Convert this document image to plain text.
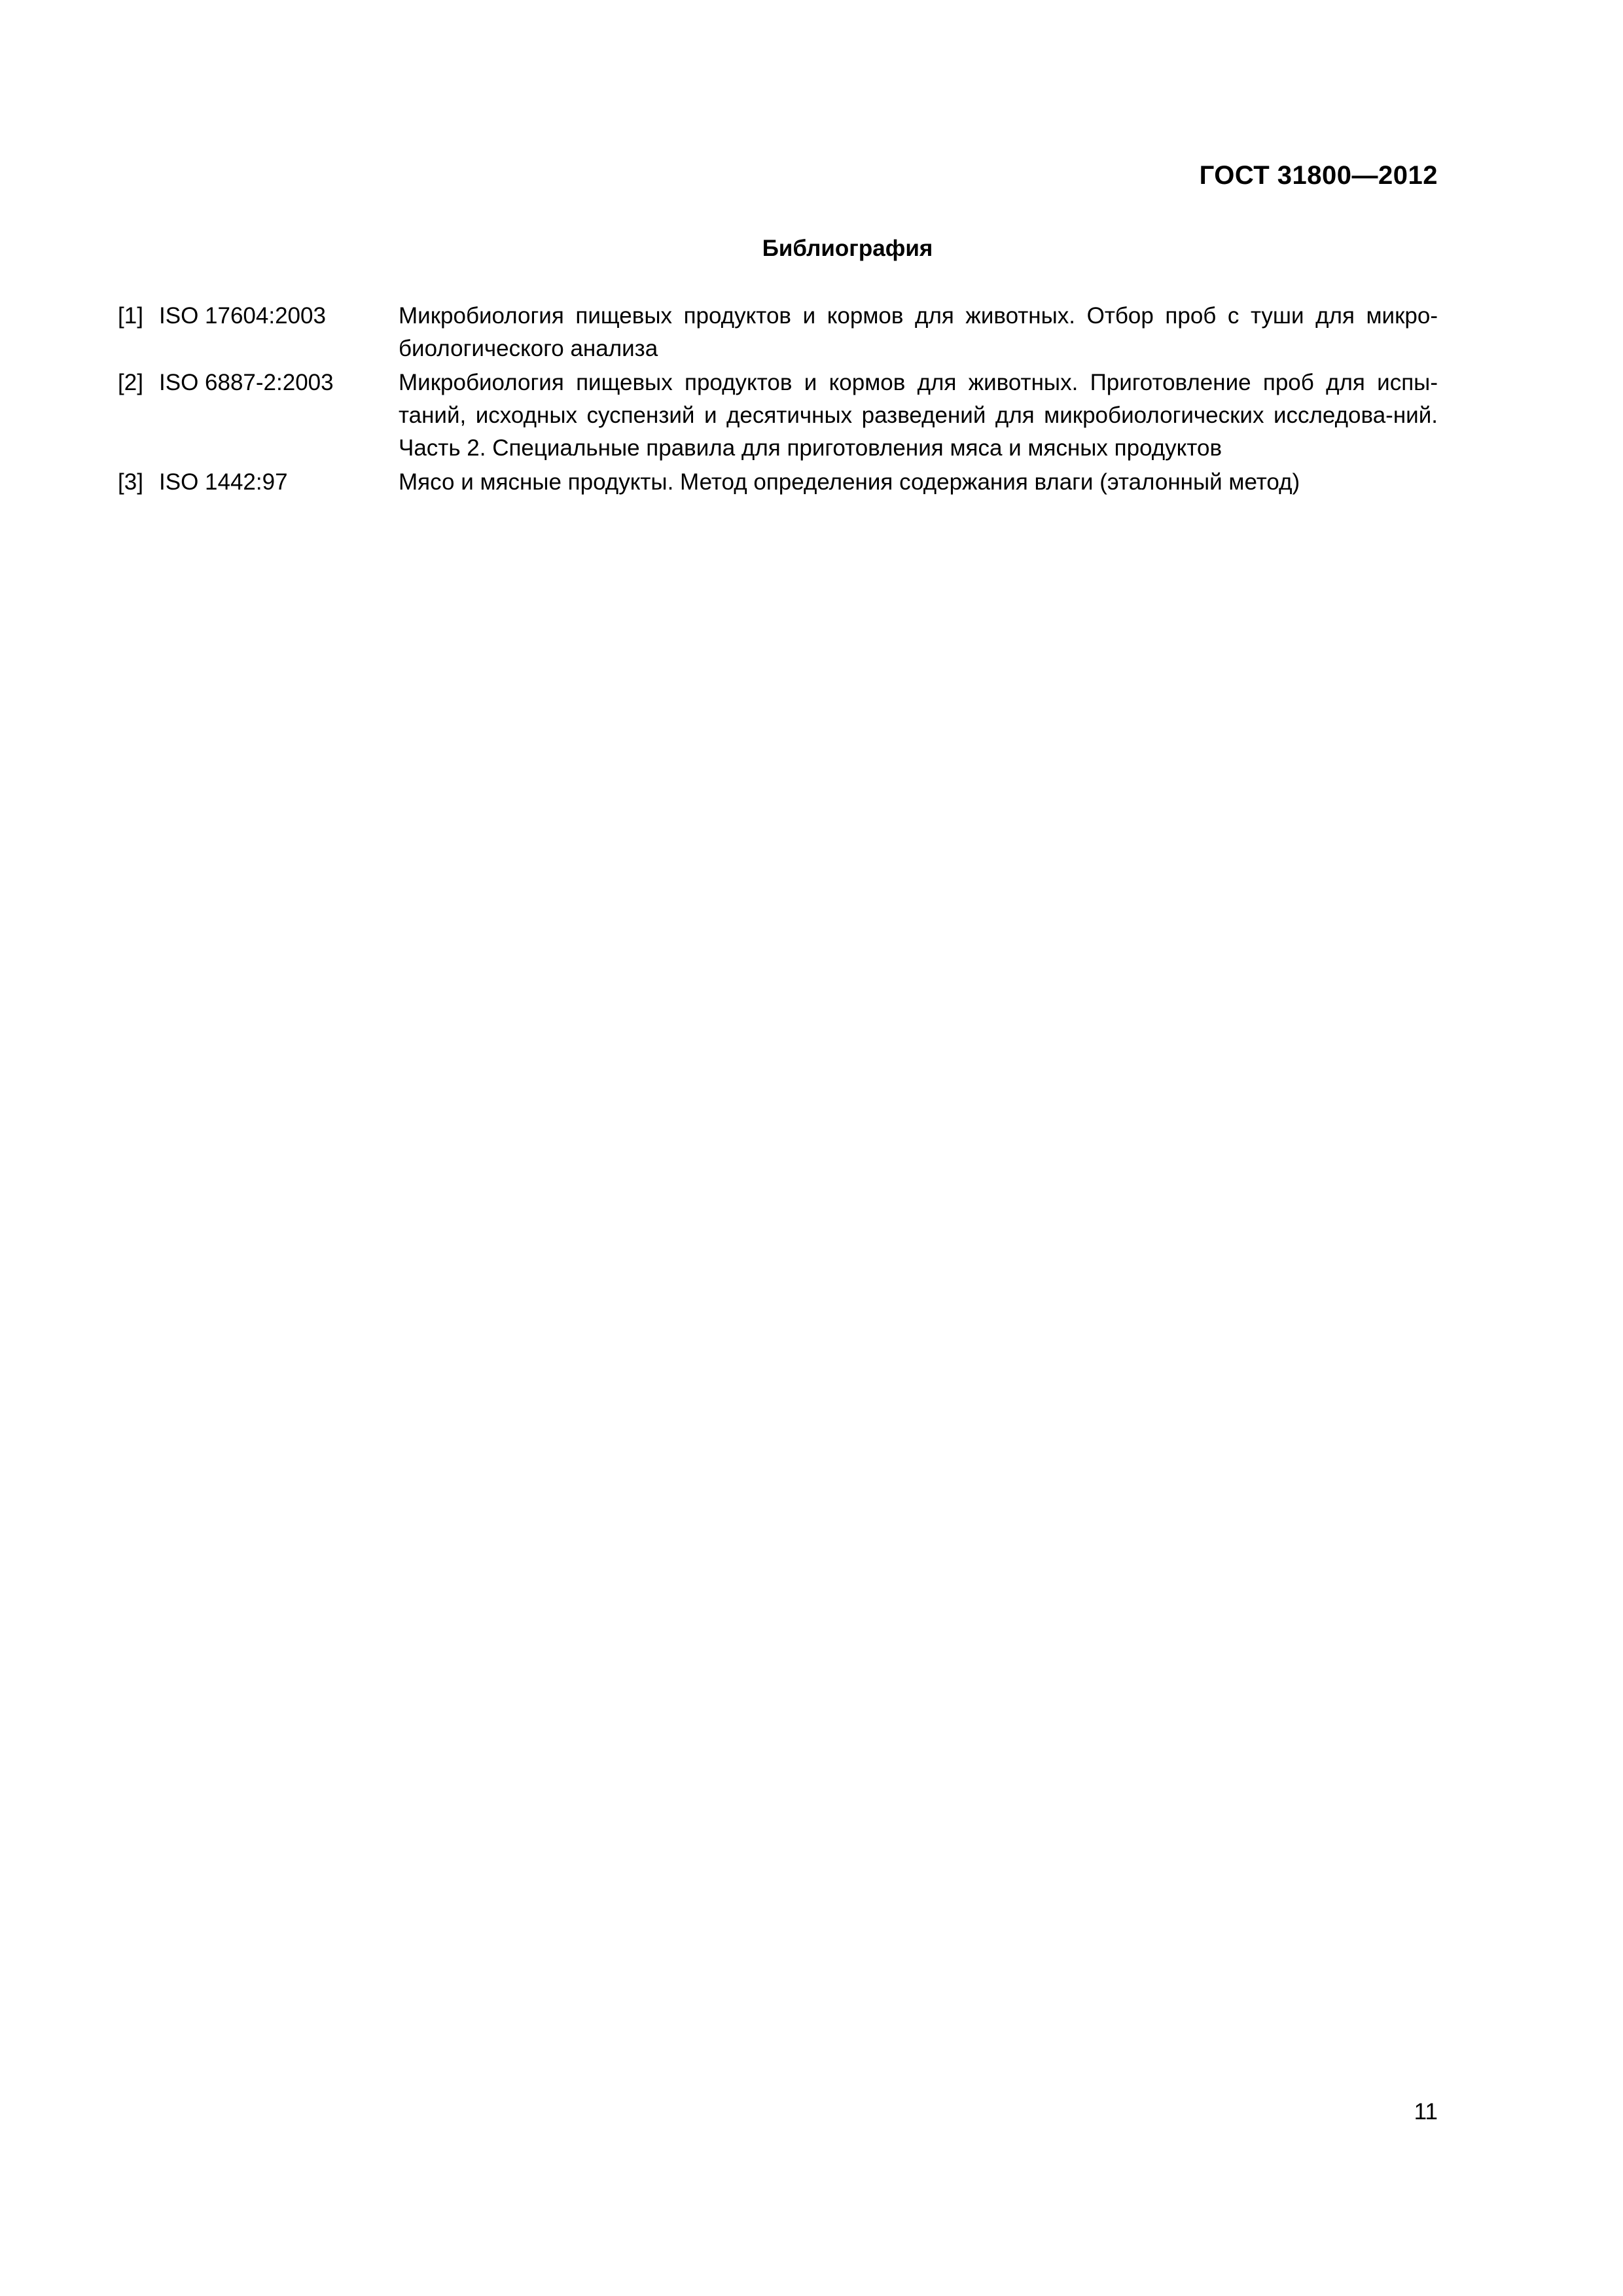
ГОСТ 31800—2012
Библиография
[1] ISO 17604:2003	Микробиология пищевых продуктов и кормов для животных. Отбор проб с туши для микро-биологического анализа
[2] ISO 6887-2:2003	Микробиология пищевых продуктов и кормов для животных. Приготовление проб для испы-таний, исходных суспензий и десятичных разведений для микробиологических исследова-ний. Часть 2. Специальные правила для приготовления мяса и мясных продуктов
[3] ISO 1442:97	Мясо и мясные продукты. Метод определения содержания влаги (эталонный метод)
11
